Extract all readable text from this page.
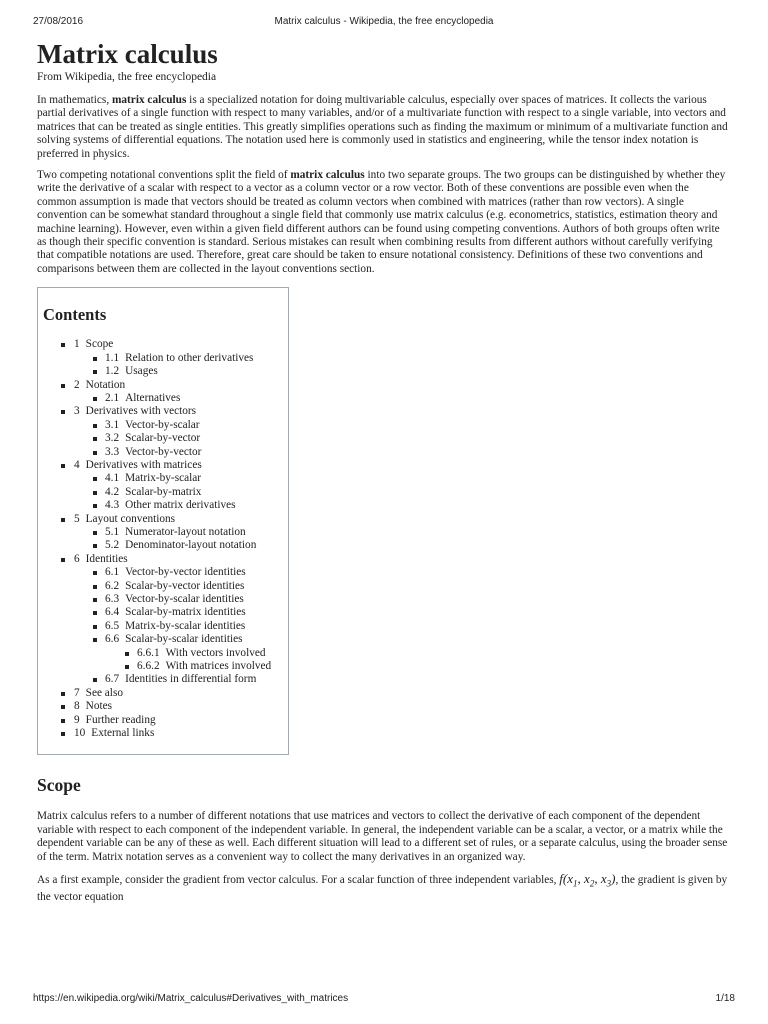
27/08/2016	Matrix calculus - Wikipedia, the free encyclopedia
Matrix calculus
From Wikipedia, the free encyclopedia

In mathematics, matrix calculus is a specialized notation for doing multivariable calculus, especially over spaces of matrices. It collects the various partial derivatives of a single function with respect to many variables, and/or of a multivariate function with respect to a single variable, into vectors and matrices that can be treated as single entities. This greatly simplifies operations such as finding the maximum or minimum of a multivariate function and solving systems of differential equations. The notation used here is commonly used in statistics and engineering, while the tensor index notation is preferred in physics.

Two competing notational conventions split the field of matrix calculus into two separate groups. The two groups can be distinguished by whether they write the derivative of a scalar with respect to a vector as a column vector or a row vector. Both of these conventions are possible even when the common assumption is made that vectors should be treated as column vectors when combined with matrices (rather than row vectors). A single convention can be somewhat standard throughout a single field that commonly use matrix calculus (e.g. econometrics, statistics, estimation theory and machine learning). However, even within a given field different authors can be found using competing conventions. Authors of both groups often write as though their specific convention is standard. Serious mistakes can result when combining results from different authors without carefully verifying that compatible notations are used. Therefore, great care should be taken to ensure notational consistency. Definitions of these two conventions and comparisons between them are collected in the layout conventions section.

Contents
1 Scope
1.1 Relation to other derivatives
1.2 Usages
2 Notation
2.1 Alternatives
3 Derivatives with vectors
3.1 Vector-by-scalar
3.2 Scalar-by-vector
3.3 Vector-by-vector
4 Derivatives with matrices
4.1 Matrix-by-scalar
4.2 Scalar-by-matrix
4.3 Other matrix derivatives
5 Layout conventions
5.1 Numerator-layout notation
5.2 Denominator-layout notation
6 Identities
6.1 Vector-by-vector identities
6.2 Scalar-by-vector identities
6.3 Vector-by-scalar identities
6.4 Scalar-by-matrix identities
6.5 Matrix-by-scalar identities
6.6 Scalar-by-scalar identities
6.6.1 With vectors involved
6.6.2 With matrices involved
6.7 Identities in differential form
7 See also
8 Notes
9 Further reading
10 External links
Scope

Matrix calculus refers to a number of different notations that use matrices and vectors to collect the derivative of each component of the dependent variable with respect to each component of the independent variable. In general, the independent variable can be a scalar, a vector, or a matrix while the dependent variable can be any of these as well. Each different situation will lead to a different set of rules, or a separate calculus, using the broader sense of the term. Matrix notation serves as a convenient way to collect the many derivatives in an organized way.

As a first example, consider the gradient from vector calculus. For a scalar function of three independent variables, $f(x_1$, $x_2$, $x_3$), the gradient is given by the vector equation

https://en.wikipedia.org/wiki/Matrix_calculus#Derivatives_with_matrices	1/18
